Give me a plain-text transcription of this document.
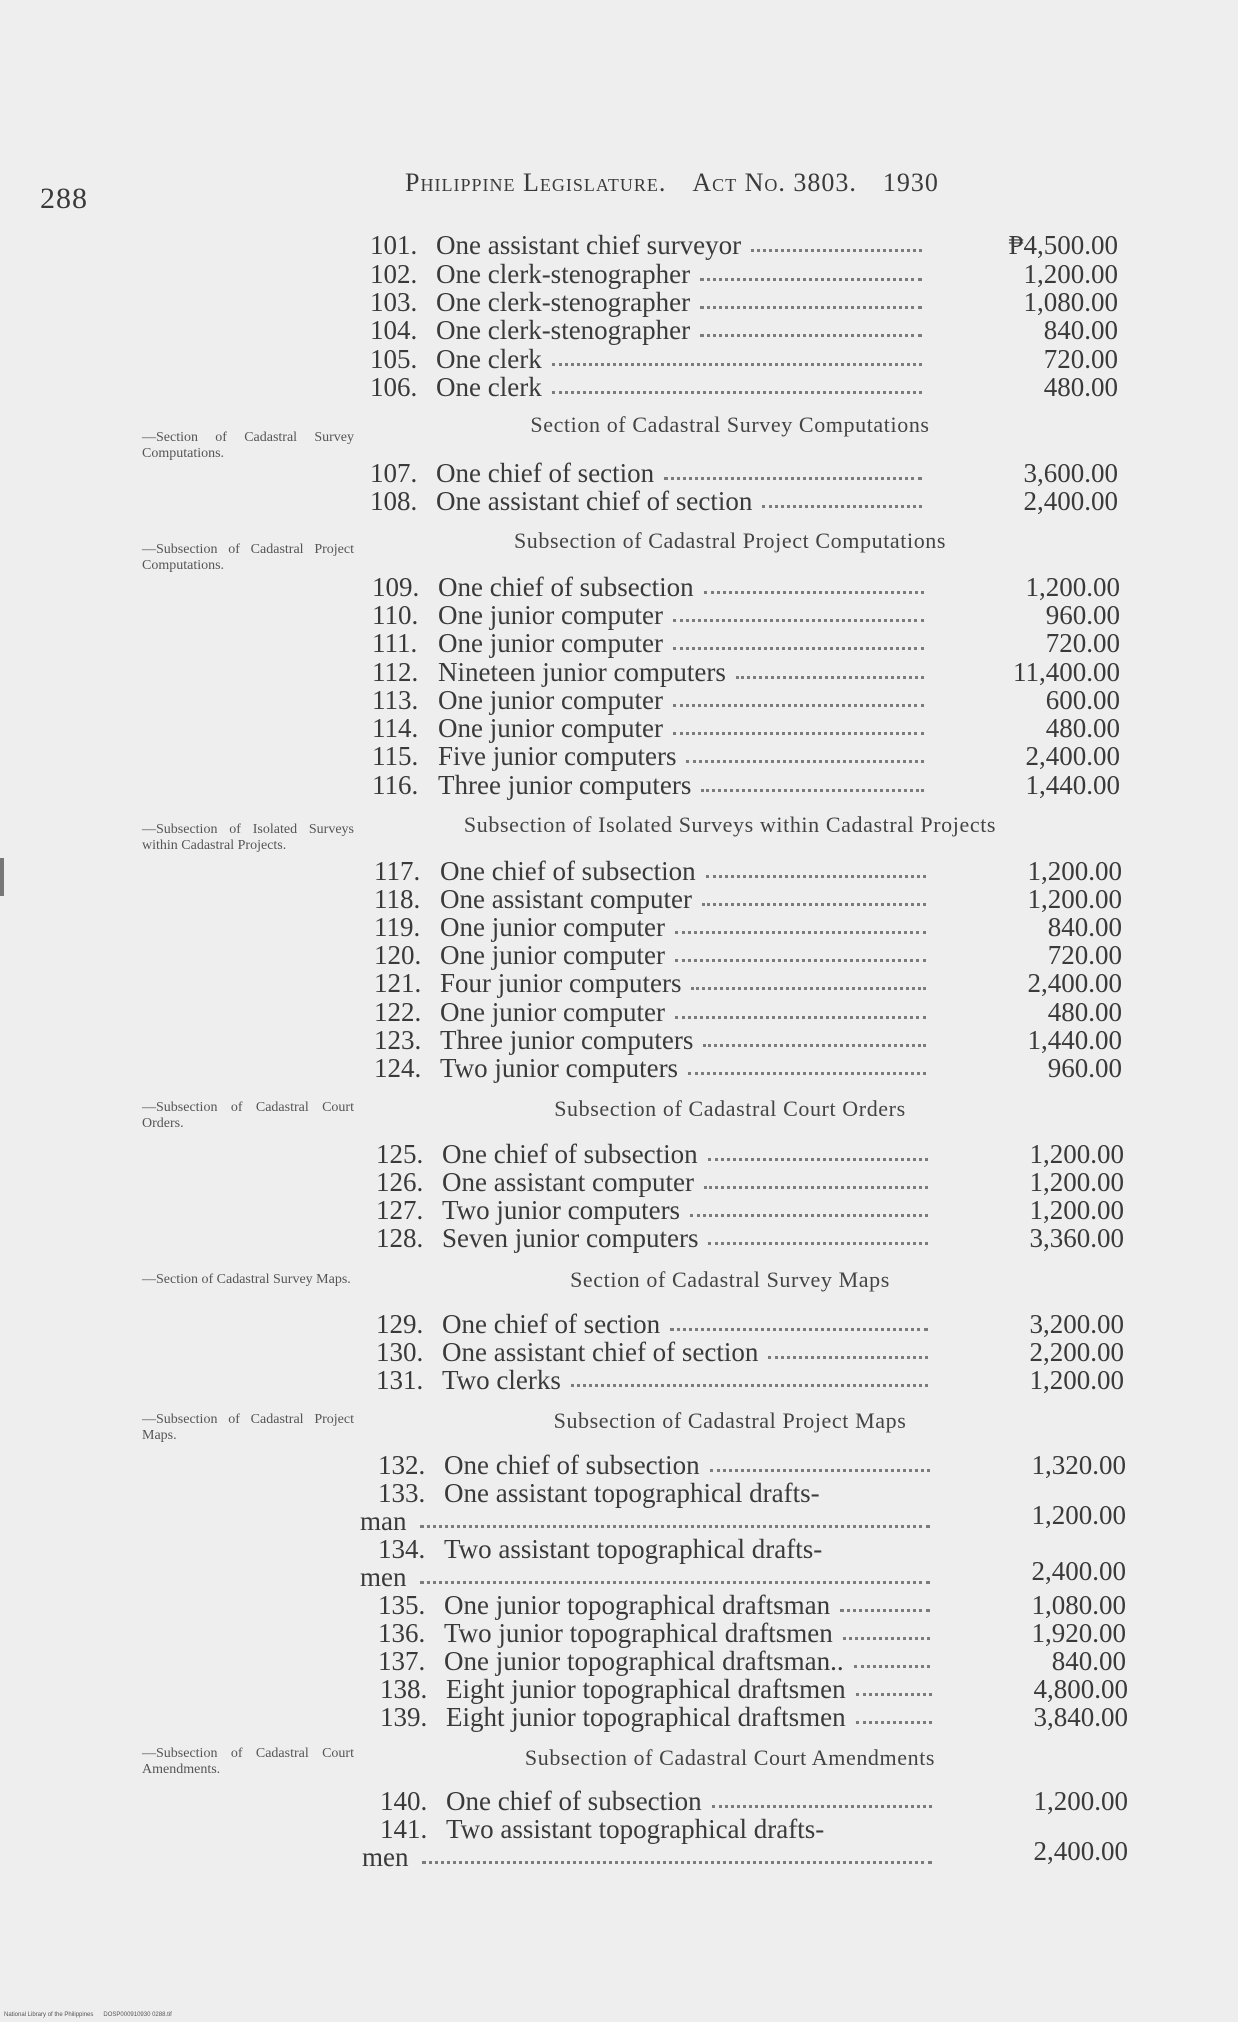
288	Philippine Legislature. Act No. 3803. 1930
—Section of Cadastral Survey Computations.
—Subsection of Cadastral Project Computations.
—Subsection of Isolated Surveys within Cadastral Projects.
—Subsection of Cadastral Court Orders.
—Section of Cadastral Survey Maps.
—Subsection of Cadastral Project Maps.
—Subsection of Cadastral Court Amendments.
Section of Cadastral Survey Computations
Subsection of Cadastral Project Computations
Subsection of Isolated Surveys within Cadastral Projects
Subsection of Cadastral Court Orders
Section of Cadastral Survey Maps
Subsection of Cadastral Project Maps
Subsection of Cadastral Court Amendments
101. One assistant chief surveyor	₱4,500.00
102. One clerk-stenographer	1,200.00
103. One clerk-stenographer	1,080.00
104. One clerk-stenographer	840.00
105. One clerk	720.00
106. One clerk	480.00
107. One chief of section	3,600.00
108. One assistant chief of section	2,400.00
109. One chief of subsection	1,200.00
110. One junior computer	960.00
111. One junior computer	720.00
112. Nineteen junior computers	11,400.00
113. One junior computer	600.00
114. One junior computer	480.00
115. Five junior computers	2,400.00
116. Three junior computers	1,440.00
117. One chief of subsection	1,200.00
118. One assistant computer	1,200.00
119. One junior computer	840.00
120. One junior computer	720.00
121. Four junior computers	2,400.00
122. One junior computer	480.00
123. Three junior computers	1,440.00
124. Two junior computers	960.00
125. One chief of subsection	1,200.00
126. One assistant computer	1,200.00
127. Two junior computers	1,200.00
128. Seven junior computers	3,360.00
129. One chief of section	3,200.00
130. One assistant chief of section	2,200.00
131. Two clerks	1,200.00
132. One chief of subsection	1,320.00
133. One assistant topographical drafts-
man	1,200.00
134. Two assistant topographical drafts-
men	2,400.00
135. One junior topographical draftsman	1,080.00
136. Two junior topographical draftsmen	1,920.00
137. One junior topographical draftsman..	840.00
138. Eight junior topographical draftsmen	4,800.00
139. Eight junior topographical draftsmen	3,840.00
140. One chief of subsection	1,200.00
141. Two assistant topographical drafts-
men	2,400.00
National Library of the Philippines DOSP000910930 0288.tif
